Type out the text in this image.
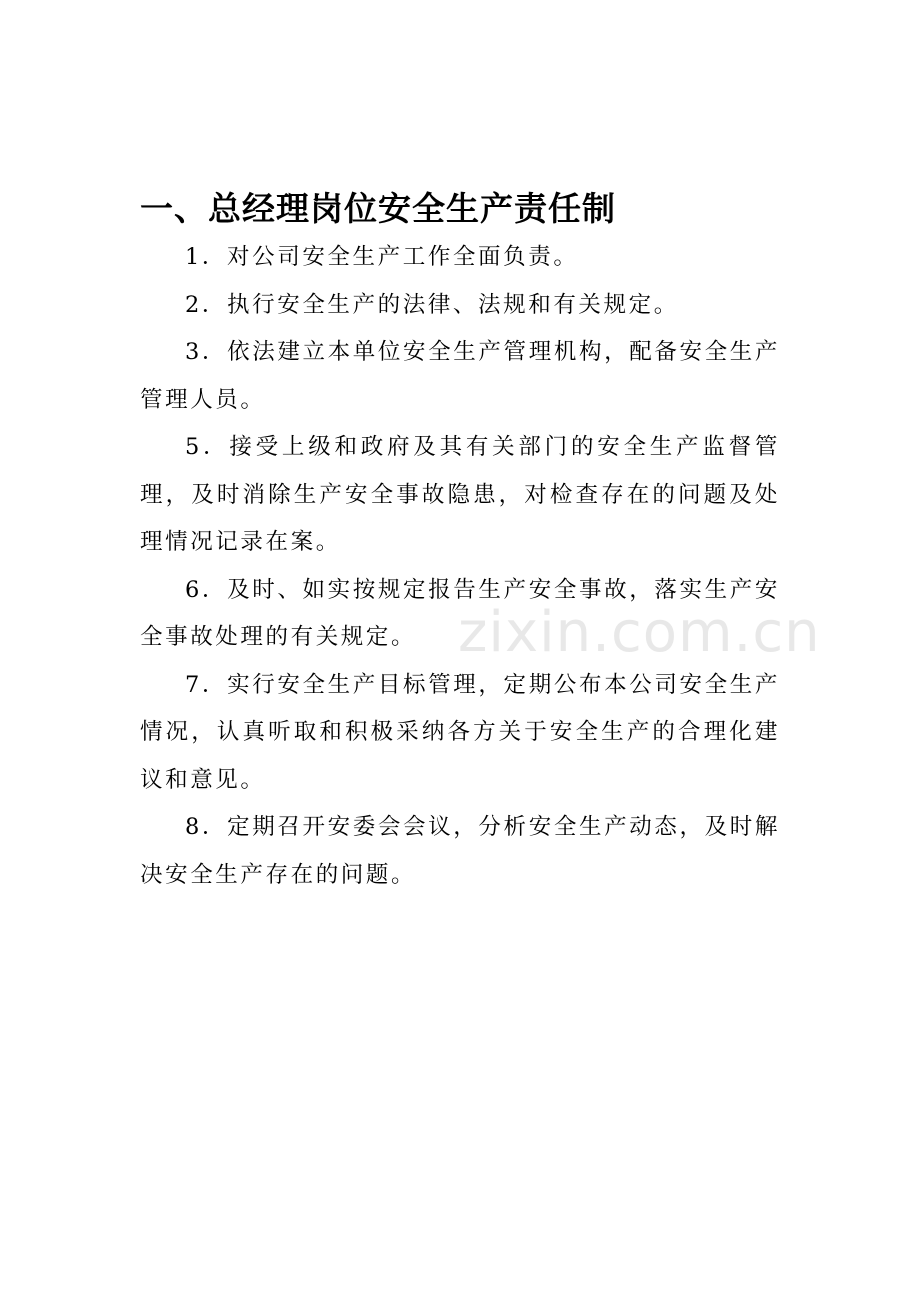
一、总经理岗位安全生产责任制

1．对公司安全生产工作全面负责。

2．执行安全生产的法律、法规和有关规定。

3．依法建立本单位安全生产管理机构，配备安全生产管理人员。

5．接受上级和政府及其有关部门的安全生产监督管理，及时消除生产安全事故隐患，对检查存在的问题及处理情况记录在案。

6．及时、如实按规定报告生产安全事故，落实生产安全事故处理的有关规定。

7．实行安全生产目标管理，定期公布本公司安全生产情况，认真听取和积极采纳各方关于安全生产的合理化建议和意见。

8．定期召开安委会会议，分析安全生产动态，及时解决安全生产存在的问题。

zixin.com.cn
